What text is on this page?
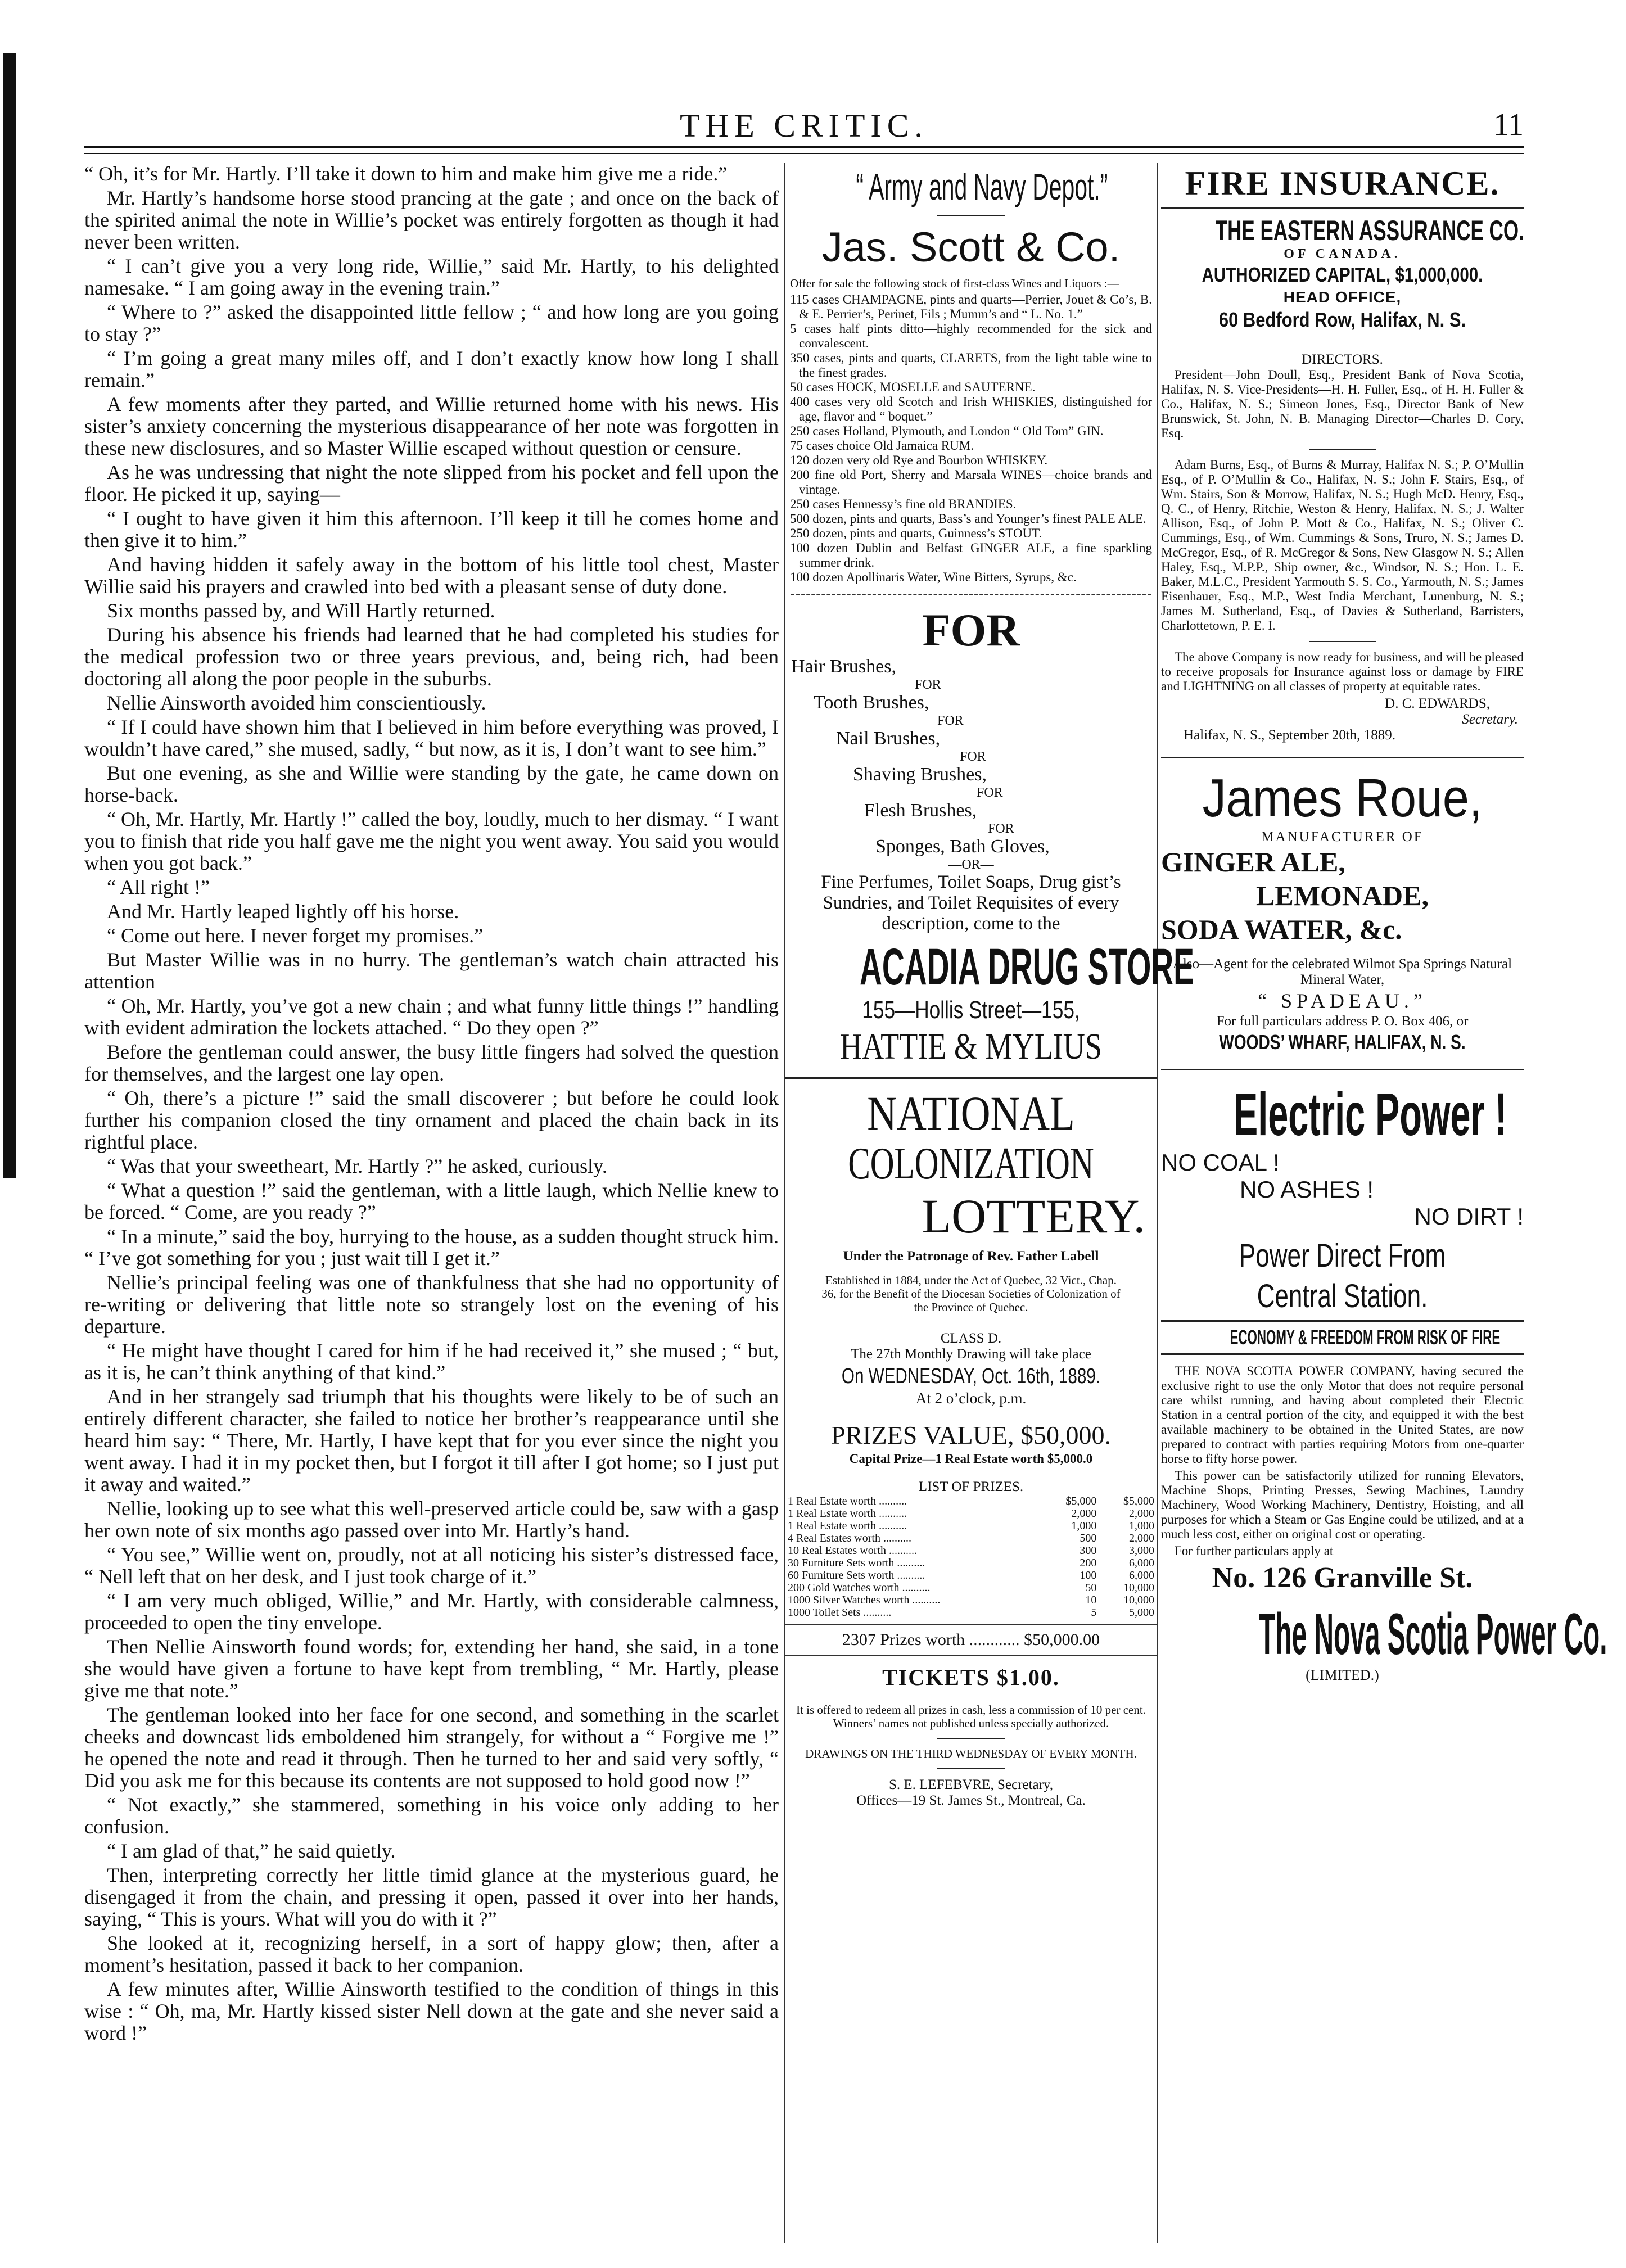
THE CRITIC.	11

“ Oh, it’s for Mr. Hartly. I’ll take it down to him and make him give me a ride.”

Mr. Hartly’s handsome horse stood prancing at the gate ; and once on the back of the spirited animal the note in Willie’s pocket was entirely forgotten as though it had never been written.

“ I can’t give you a very long ride, Willie,” said Mr. Hartly, to his delighted namesake. “ I am going away in the evening train.”

“ Where to ?” asked the disappointed little fellow ; “ and how long are you going to stay ?”

“ I’m going a great many miles off, and I don’t exactly know how long I shall remain.”

A few moments after they parted, and Willie returned home with his news. His sister’s anxiety concerning the mysterious disappearance of her note was forgotten in these new disclosures, and so Master Willie escaped without question or censure.

As he was undressing that night the note slipped from his pocket and fell upon the floor. He picked it up, saying—

“ I ought to have given it him this afternoon. I’ll keep it till he comes home and then give it to him.”

And having hidden it safely away in the bottom of his little tool chest, Master Willie said his prayers and crawled into bed with a pleasant sense of duty done.

Six months passed by, and Will Hartly returned.

During his absence his friends had learned that he had completed his studies for the medical profession two or three years previous, and, being rich, had been doctoring all along the poor people in the suburbs.

Nellie Ainsworth avoided him conscientiously.

“ If I could have shown him that I believed in him before everything was proved, I wouldn’t have cared,” she mused, sadly, “ but now, as it is, I don’t want to see him.”

But one evening, as she and Willie were standing by the gate, he came down on horse-back.

“ Oh, Mr. Hartly, Mr. Hartly !” called the boy, loudly, much to her dismay. “ I want you to finish that ride you half gave me the night you went away. You said you would when you got back.”

“ All right !”

And Mr. Hartly leaped lightly off his horse.

“ Come out here. I never forget my promises.”

But Master Willie was in no hurry. The gentleman’s watch chain attracted his attention

“ Oh, Mr. Hartly, you’ve got a new chain ; and what funny little things !” handling with evident admiration the lockets attached. “ Do they open ?”

Before the gentleman could answer, the busy little fingers had solved the question for themselves, and the largest one lay open.

“ Oh, there’s a picture !” said the small discoverer ; but before he could look further his companion closed the tiny ornament and placed the chain back in its rightful place.

“ Was that your sweetheart, Mr. Hartly ?” he asked, curiously.

“ What a question !” said the gentleman, with a little laugh, which Nellie knew to be forced. “ Come, are you ready ?”

“ In a minute,” said the boy, hurrying to the house, as a sudden thought struck him. “ I’ve got something for you ; just wait till I get it.”

Nellie’s principal feeling was one of thankfulness that she had no opportunity of re-writing or delivering that little note so strangely lost on the evening of his departure.

“ He might have thought I cared for him if he had received it,” she mused ; “ but, as it is, he can’t think anything of that kind.”

And in her strangely sad triumph that his thoughts were likely to be of such an entirely different character, she failed to notice her brother’s reappearance until she heard him say: “ There, Mr. Hartly, I have kept that for you ever since the night you went away. I had it in my pocket then, but I forgot it till after I got home; so I just put it away and waited.”

Nellie, looking up to see what this well-preserved article could be, saw with a gasp her own note of six months ago passed over into Mr. Hartly’s hand.

“ You see,” Willie went on, proudly, not at all noticing his sister’s distressed face, “ Nell left that on her desk, and I just took charge of it.”

“ I am very much obliged, Willie,” and Mr. Hartly, with considerable calmness, proceeded to open the tiny envelope.

Then Nellie Ainsworth found words; for, extending her hand, she said, in a tone she would have given a fortune to have kept from trembling, “ Mr. Hartly, please give me that note.”

The gentleman looked into her face for one second, and something in the scarlet cheeks and downcast lids emboldened him strangely, for without a “ Forgive me !” he opened the note and read it through. Then he turned to her and said very softly, “ Did you ask me for this because its contents are not supposed to hold good now !”

“ Not exactly,” she stammered, something in his voice only adding to her confusion.

“ I am glad of that,” he said quietly.

Then, interpreting correctly her little timid glance at the mysterious guard, he disengaged it from the chain, and pressing it open, passed it over into her hands, saying, “ This is yours. What will you do with it ?”

She looked at it, recognizing herself, in a sort of happy glow; then, after a moment’s hesitation, passed it back to her companion.

A few minutes after, Willie Ainsworth testified to the condition of things in this wise : “ Oh, ma, Mr. Hartly kissed sister Nell down at the gate and she never said a word !”

“ Army and Navy Depot.”
Jas. Scott & Co.
Offer for sale the following stock of first-class Wines and Liquors :—
115 cases CHAMPAGNE, pints and quarts—Perrier, Jouet & Co’s, B. & E. Perrier’s, Perinet, Fils ; Mumm’s and “ L. No. 1.”
5 cases half pints ditto—highly recommended for the sick and convalescent.
350 cases, pints and quarts, CLARETS, from the light table wine to the finest grades.
50 cases HOCK, MOSELLE and SAUTERNE.
400 cases very old Scotch and Irish WHISKIES, distinguished for age, flavor and “ boquet.”
250 cases Holland, Plymouth, and London “ Old Tom” GIN.
75 cases choice Old Jamaica RUM.
120 dozen very old Rye and Bourbon WHISKEY.
200 fine old Port, Sherry and Marsala WINES—choice brands and vintage.
250 cases Hennessy’s fine old BRANDIES.
500 dozen, pints and quarts, Bass’s and Younger’s finest PALE ALE.
250 dozen, pints and quarts, Guinness’s STOUT.
100 dozen Dublin and Belfast GINGER ALE, a fine sparkling summer drink.
100 dozen Apollinaris Water, Wine Bitters, Syrups, &c.
FOR
Hair Brushes,
FOR
Tooth Brushes,
FOR
Nail Brushes,
FOR
Shaving Brushes,
FOR
Flesh Brushes,
FOR
Sponges, Bath Gloves,
—OR—
Fine Perfumes, Toilet Soaps, Drug gist’s Sundries, and Toilet Requisites of every description, come to the
ACADIA DRUG STORE
155—Hollis Street—155,
HATTIE & MYLIUS
NATIONAL
COLONIZATION
LOTTERY.
Under the Patronage of Rev. Father Labell
Established in 1884, under the Act of Quebec, 32 Vict., Chap. 36, for the Benefit of the Diocesan Societies of Colonization of the Province of Quebec.
CLASS D.
The 27th Monthly Drawing will take place
On WEDNESDAY, Oct. 16th, 1889.
At 2 o’clock, p.m.
PRIZES VALUE, $50,000.
Capital Prize—1 Real Estate worth $5,000.0
LIST OF PRIZES.
1 Real Estate worth ..........	$5,000	$5,000
1 Real Estate worth ..........	2,000	2,000
1 Real Estate worth ..........	1,000	1,000
4 Real Estates worth ..........	500	2,000
10 Real Estates worth ..........	300	3,000
30 Furniture Sets worth ..........	200	6,000
60 Furniture Sets worth ..........	100	6,000
200 Gold Watches worth ..........	50	10,000
1000 Silver Watches worth ..........	10	10,000
1000 Toilet Sets ..........	5	5,000
2307 Prizes worth ............ $50,000.00
TICKETS $1.00.
It is offered to redeem all prizes in cash, less a commission of 10 per cent. Winners’ names not published unless specially authorized.
DRAWINGS ON THE THIRD WEDNESDAY OF EVERY MONTH.
S. E. LEFEBVRE, Secretary,
Offices—19 St. James St., Montreal, Ca.
FIRE INSURANCE.
THE EASTERN ASSURANCE CO.
OF CANADA.
AUTHORIZED CAPITAL, $1,000,000.
HEAD OFFICE,
60 Bedford Row, Halifax, N. S.
DIRECTORS.

President—John Doull, Esq., President Bank of Nova Scotia, Halifax, N. S. Vice-Presidents—H. H. Fuller, Esq., of H. H. Fuller & Co., Halifax, N. S.; Simeon Jones, Esq., Director Bank of New Brunswick, St. John, N. B. Managing Director—Charles D. Cory, Esq.

Adam Burns, Esq., of Burns & Murray, Halifax N. S.; P. O’Mullin Esq., of P. O’Mullin & Co., Halifax, N. S.; John F. Stairs, Esq., of Wm. Stairs, Son & Morrow, Halifax, N. S.; Hugh McD. Henry, Esq., Q. C., of Henry, Ritchie, Weston & Henry, Halifax, N. S.; J. Walter Allison, Esq., of John P. Mott & Co., Halifax, N. S.; Oliver C. Cummings, Esq., of Wm. Cummings & Sons, Truro, N. S.; James D. McGregor, Esq., of R. McGregor & Sons, New Glasgow N. S.; Allen Haley, Esq., M.P.P., Ship owner, &c., Windsor, N. S.; Hon. L. E. Baker, M.L.C., President Yarmouth S. S. Co., Yarmouth, N. S.; James Eisenhauer, Esq., M.P., West India Merchant, Lunenburg, N. S.; James M. Sutherland, Esq., of Davies & Sutherland, Barristers, Charlottetown, P. E. I.

The above Company is now ready for business, and will be pleased to receive proposals for Insurance against loss or damage by FIRE and LIGHTNING on all classes of property at equitable rates.

D. C. EDWARDS,
Secretary.
Halifax, N. S., September 20th, 1889.
James Roue,
MANUFACTURER OF
GINGER ALE,
LEMONADE,
SODA WATER, &c.
Also—Agent for the celebrated Wilmot Spa Springs Natural Mineral Water,
“ SPADEAU.”
For full particulars address P. O. Box 406, or
WOODS’ WHARF, HALIFAX, N. S.
Electric Power !
NO COAL !
NO ASHES !
NO DIRT !
Power Direct From
Central Station.
ECONOMY & FREEDOM FROM RISK OF FIRE

THE NOVA SCOTIA POWER COMPANY, having secured the exclusive right to use the only Motor that does not require personal care whilst running, and having about completed their Electric Station in a central portion of the city, and equipped it with the best available machinery to be obtained in the United States, are now prepared to contract with parties requiring Motors from one-quarter horse to fifty horse power.

This power can be satisfactorily utilized for running Elevators, Machine Shops, Printing Presses, Sewing Machines, Laundry Machinery, Wood Working Machinery, Dentistry, Hoisting, and all purposes for which a Steam or Gas Engine could be utilized, and at a much less cost, either on original cost or operating.

For further particulars apply at

No. 126 Granville St.
The Nova Scotia Power Co.
(LIMITED.)
